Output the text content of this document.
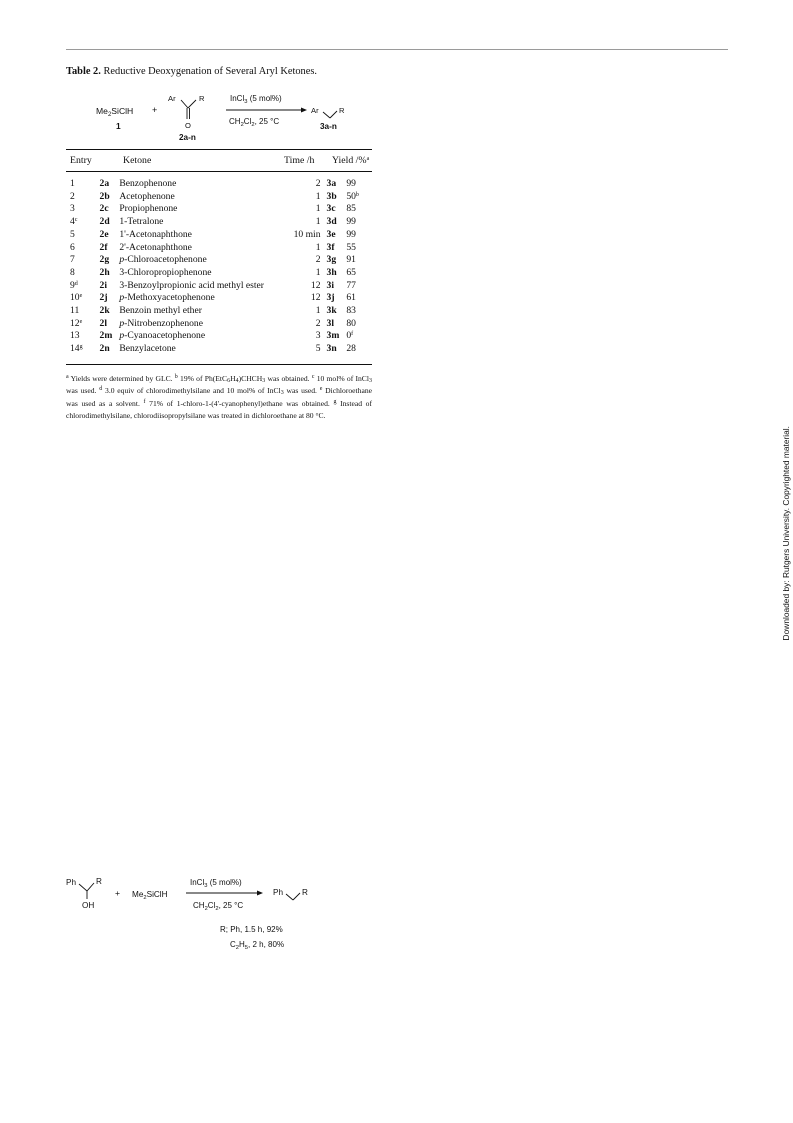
Table 2. Reductive Deoxygenation of Several Aryl Ketones.
$Me_2SiClH$
1
+
Ar	R
O
2a-n
InCl$_3$ (5 mol%)
$CH_2Cl_2$, 25 °C
Ar	R
3a-n
Entry	Ketone	Time /h Yield /%$^a$
1	2a	Benzophenone	2	3a	99
2	2b	Acetophenone	1	3b	50$^b$
3	2c	Propiophenone	1	3c	85
4$^c$	2d	1-Tetralone	1	3d	99
5	2e	1'-Acetonaphthone	10 min	3e	99
6	2f	2'-Acetonaphthone	1	3f	55
7	2g	p-Chloroacetophenone	2	3g	91
8	2h	3-Chloropropiophenone	1	3h	65
9$^d$	2i	3-Benzoylpropionic acid methyl ester	12	3i	77
10e	2j	p-Methoxyacetophenone	12	3j	61
11	2k	Benzoin methyl ether	1	3k	83
12e	2l	p-Nitrobenzophenone	2	3l	80
13	2m	p-Cyanoacetophenone	3	3m	0$^f$
14$^g$	2n	Benzylacetone	5	3n	28
$^a$ Yields were determined by GLC. $^b$ 19% of $Ph(EtC_6H_4)CHCH_3$ was obtained. $^c$ 10 mol% of InCl$_3$ was used. $^d$ 3.0 equiv of chlorodimethylsilane and 10 mol% of InCl$_3$ was used. $^e$ Dichloroethane was used as a solvent. $^f$ 71% of 1-chloro-1-(4'-cyanophenyl)ethane was obtained. $^g$ Instead of chlorodimethylsilane, chlorodiisopropylsilane was treated in dichloroethane at 80 °C.
Downloaded by: Rutgers University. Copyrighted material.
Ph R
OH
+ $Me_2SiClH$
InCl$_3$ (5 mol%)
$CH_2Cl_2$, 25 °C
Ph R
R; Ph, 1.5 h, 92%
$C_2H_5$, 2 h, 80%
